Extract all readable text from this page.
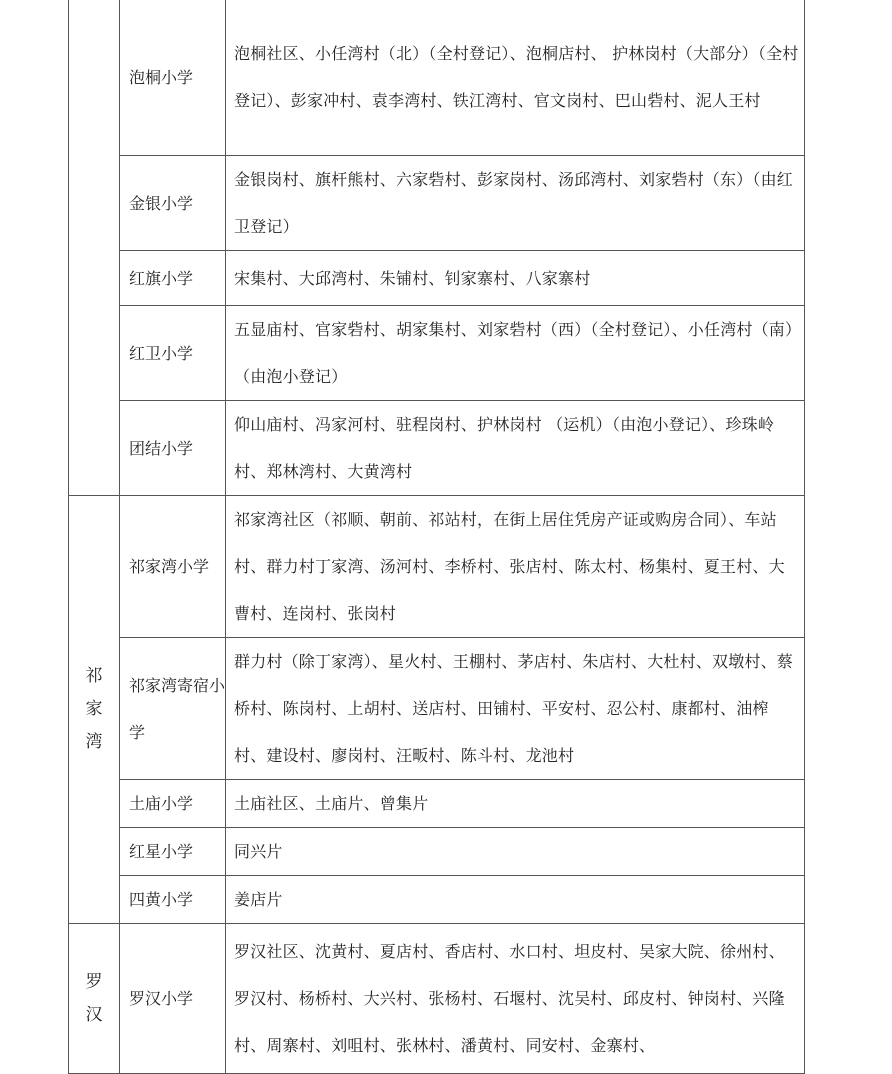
	泡桐小学	泡桐社区、小任湾村（北）（全村登记）、泡桐店村、 护林岗村（大部分）（全村登记）、彭家冲村、袁李湾村、铁江湾村、官文岗村、巴山砦村、泥人王村
	金银小学	金银岗村、旗杆熊村、六家砦村、彭家岗村、汤邱湾村、刘家砦村（东）（由红卫登记）
	红旗小学	宋集村、大邱湾村、朱铺村、钊家寨村、八家寨村
	红卫小学	五显庙村、官家砦村、胡家集村、刘家砦村（西）（全村登记）、小任湾村（南）（由泡小登记）
	团结小学	仰山庙村、冯家河村、驻程岗村、护林岗村 （运机）（由泡小登记）、珍珠岭村、郑林湾村、大黄湾村
祁家湾	祁家湾小学	祁家湾社区（祁顺、朝前、祁站村，在街上居住凭房产证或购房合同）、车站村、群力村丁家湾、汤河村、李桥村、张店村、陈太村、杨集村、夏王村、大曹村、连岗村、张岗村
	祁家湾寄宿小学	群力村（除丁家湾）、星火村、王棚村、茅店村、朱店村、大杜村、双墩村、蔡桥村、陈岗村、上胡村、送店村、田铺村、平安村、忍公村、康都村、油榨村、建设村、廖岗村、汪畈村、陈斗村、龙池村
	土庙小学	土庙社区、土庙片、曾集片
	红星小学	同兴片
	四黄小学	姜店片
罗汉	罗汉小学	罗汉社区、沈黄村、夏店村、香店村、水口村、坦皮村、吴家大院、徐州村、罗汉村、杨桥村、大兴村、张杨村、石堰村、沈吴村、邱皮村、钟岗村、兴隆村、周寨村、刘咀村、张林村、潘黄村、同安村、金寨村、
